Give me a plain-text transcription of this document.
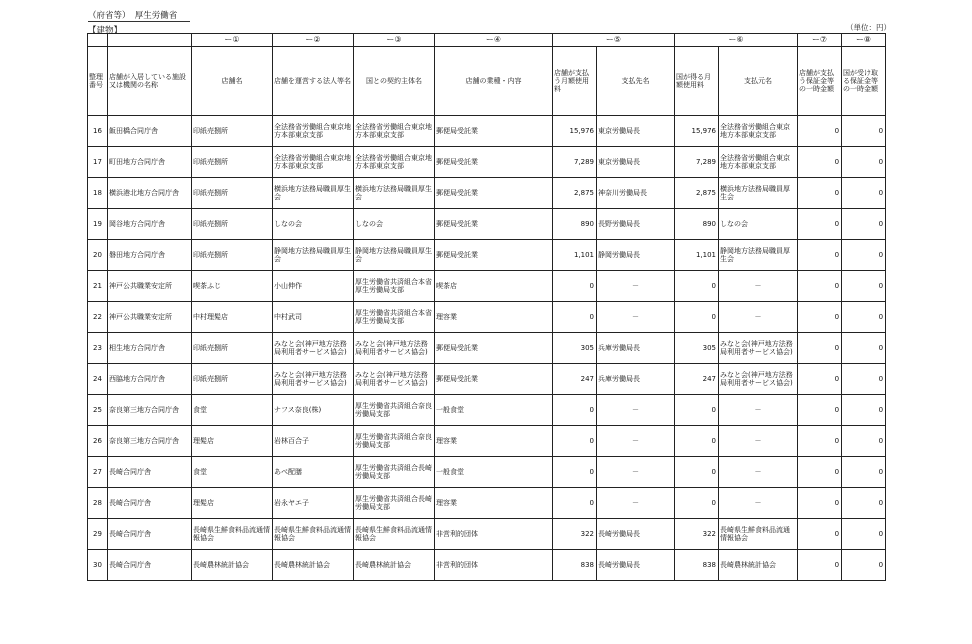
（府省等）　厚生労働省
【建物】	（単位：円）
		ー①	ー②	ー③	ー④	ー⑤		ー⑥		ー⑦	ー⑧
整理番号	店舗が入居している施設又は機関の名称	店舗名	店舗を運営する法人等名	国との契約主体名	店舗の業種・内容	店舗が支払う月額使用料	支払先名	国が得る月額使用料	支払元名	店舗が支払う保証金等の一時金額	国が受け取る保証金等の一時金額
16	飯田橋合同庁舎	印紙売捌所	全法務省労働組合東京地方本部東京支部	全法務省労働組合東京地方本部東京支部	郵便局受託業	15,976	東京労働局長	15,976	全法務省労働組合東京地方本部東京支部	0	0
17	町田地方合同庁舎	印紙売捌所	全法務省労働組合東京地方本部東京支部	全法務省労働組合東京地方本部東京支部	郵便局受託業	7,289	東京労働局長	7,289	全法務省労働組合東京地方本部東京支部	0	0
18	横浜港北地方合同庁舎	印紙売捌所	横浜地方法務局職員厚生会	横浜地方法務局職員厚生会	郵便局受託業	2,875	神奈川労働局長	2,875	横浜地方法務局職員厚生会	0	0
19	岡谷地方合同庁舎	印紙売捌所	しなの会	しなの会	郵便局受託業	890	長野労働局長	890	しなの会	0	0
20	磐田地方合同庁舎	印紙売捌所	静岡地方法務局職員厚生会	静岡地方法務局職員厚生会	郵便局受託業	1,101	静岡労働局長	1,101	静岡地方法務局職員厚生会	0	0
21	神戸公共職業安定所	喫茶ふじ	小山伸作	厚生労働省共済組合本省厚生労働局支部	喫茶店	0	－	0	－	0	0
22	神戸公共職業安定所	中村理髪店	中村武司	厚生労働省共済組合本省厚生労働局支部	理容業	0	－	0	－	0	0
23	相生地方合同庁舎	印紙売捌所	みなと会(神戸地方法務局利用者サービス協会)	みなと会(神戸地方法務局利用者サービス協会)	郵便局受託業	305	兵庫労働局長	305	みなと会(神戸地方法務局利用者サービス協会)	0	0
24	西脇地方合同庁舎	印紙売捌所	みなと会(神戸地方法務局利用者サービス協会)	みなと会(神戸地方法務局利用者サービス協会)	郵便局受託業	247	兵庫労働局長	247	みなと会(神戸地方法務局利用者サービス協会)	0	0
25	奈良第三地方合同庁舎	食堂	ナフス奈良(株)	厚生労働省共済組合奈良労働局支部	一般食堂	0	－	0	－	0	0
26	奈良第三地方合同庁舎	理髪店	岩林百合子	厚生労働省共済組合奈良労働局支部	理容業	0	－	0	－	0	0
27	長崎合同庁舎	食堂	あべ配膳	厚生労働省共済組合長崎労働局支部	一般食堂	0	－	0	－	0	0
28	長崎合同庁舎	理髪店	岩永ヤエ子	厚生労働省共済組合長崎労働局支部	理容業	0	－	0	－	0	0
29	長崎合同庁舎	長崎県生鮮食料品流通情報協会	長崎県生鮮食料品流通情報協会	長崎県生鮮食料品流通情報協会	非営利的団体	322	長崎労働局長	322	長崎県生鮮食料品流通情報協会	0	0
30	長崎合同庁舎	長崎農林統計協会	長崎農林統計協会	長崎農林統計協会	非営利的団体	838	長崎労働局長	838	長崎農林統計協会	0	0
